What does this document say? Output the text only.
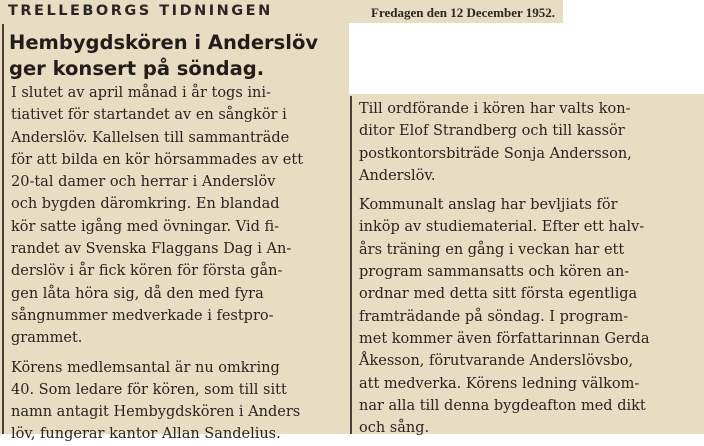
TRELLEBORGS TIDNINGEN	Fredagen den 12 December 1952.
Hembygdskören i Anderslöv ger konsert på söndag.
I slutet av april månad i år togs ini-
tiativet för startandet av en sångkör i
Anderslöv. Kallelsen till sammanträde
för att bilda en kör hörsammades av ett
20-tal damer och herrar i Anderslöv
och bygden däromkring. En blandad
kör satte igång med övningar. Vid fi-
randet av Svenska Flaggans Dag i An-
derslöv i år fick kören för första gån-
gen låta höra sig, då den med fyra
sångnummer medverkade i festpro-
grammet.
Körens medlemsantal är nu omkring
40. Som ledare för kören, som till sitt
namn antagit Hembygdskören i Anders
löv, fungerar kantor Allan Sandelius.
Till ordförande i kören har valts kon-
ditor Elof Strandberg och till kassör
postkontorsbiträde Sonja Andersson,
Anderslöv.
Kommunalt anslag har bevljiats för
inköp av studiematerial. Efter ett halv-
års träning en gång i veckan har ett
program sammansatts och kören an-
ordnar med detta sitt första egentliga
framträdande på söndag. I program-
met kommer även författarinnan Gerda
Åkesson, förutvarande Anderslövsbo,
att medverka. Körens ledning välkom-
nar alla till denna bygdeafton med dikt
och sång.
